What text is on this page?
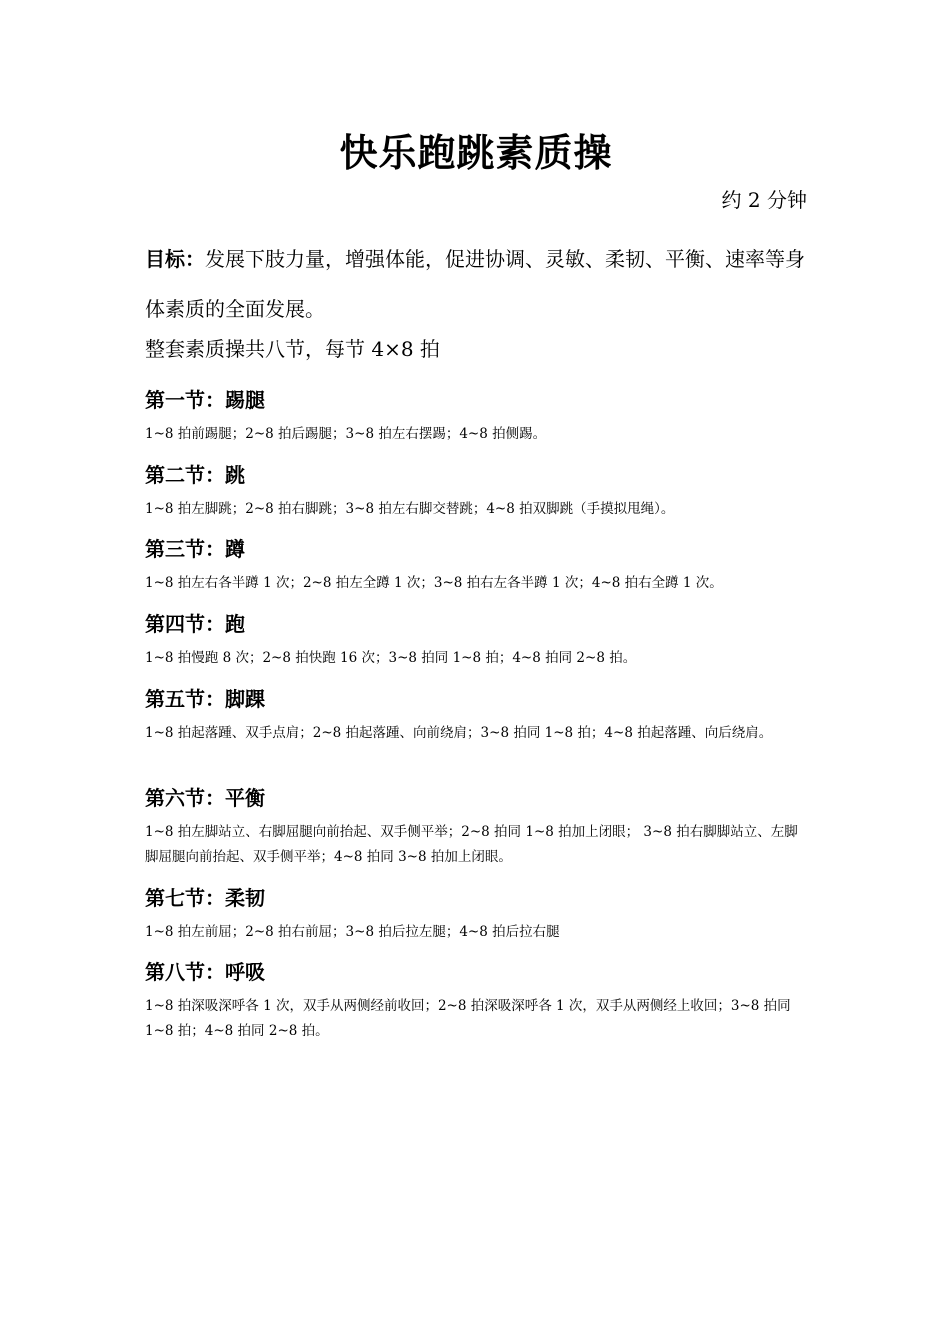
快乐跑跳素质操
约 2 分钟
目标：发展下肢力量，增强体能，促进协调、灵敏、柔韧、平衡、速率等身体素质的全面发展。
整套素质操共八节，每节 4×8 拍

第一节：踢腿

1~8 拍前踢腿；2~8 拍后踢腿；3~8 拍左右摆踢；4~8 拍侧踢。

第二节：跳

1~8 拍左脚跳；2~8 拍右脚跳；3~8 拍左右脚交替跳；4~8 拍双脚跳（手摸拟甩绳）。

第三节：蹲

1~8 拍左右各半蹲 1 次；2~8 拍左全蹲 1 次；3~8 拍右左各半蹲 1 次；4~8 拍右全蹲 1 次。

第四节：跑

1~8 拍慢跑 8 次；2~8 拍快跑 16 次；3~8 拍同 1~8 拍；4~8 拍同 2~8 拍。

第五节：脚踝

1~8 拍起落踵、双手点肩；2~8 拍起落踵、向前绕肩；3~8 拍同 1~8 拍；4~8 拍起落踵、向后绕肩。

第六节：平衡

1~8 拍左脚站立、右脚屈腿向前抬起、双手侧平举；2~8 拍同 1~8 拍加上闭眼； 3~8 拍右脚脚站立、左脚脚屈腿向前抬起、双手侧平举；4~8 拍同 3~8 拍加上闭眼。

第七节：柔韧

1~8 拍左前屈；2~8 拍右前屈；3~8 拍后拉左腿；4~8 拍后拉右腿

第八节：呼吸

1~8 拍深吸深呼各 1 次，双手从两侧经前收回；2~8 拍深吸深呼各 1 次，双手从两侧经上收回；3~8 拍同 1~8 拍；4~8 拍同 2~8 拍。
